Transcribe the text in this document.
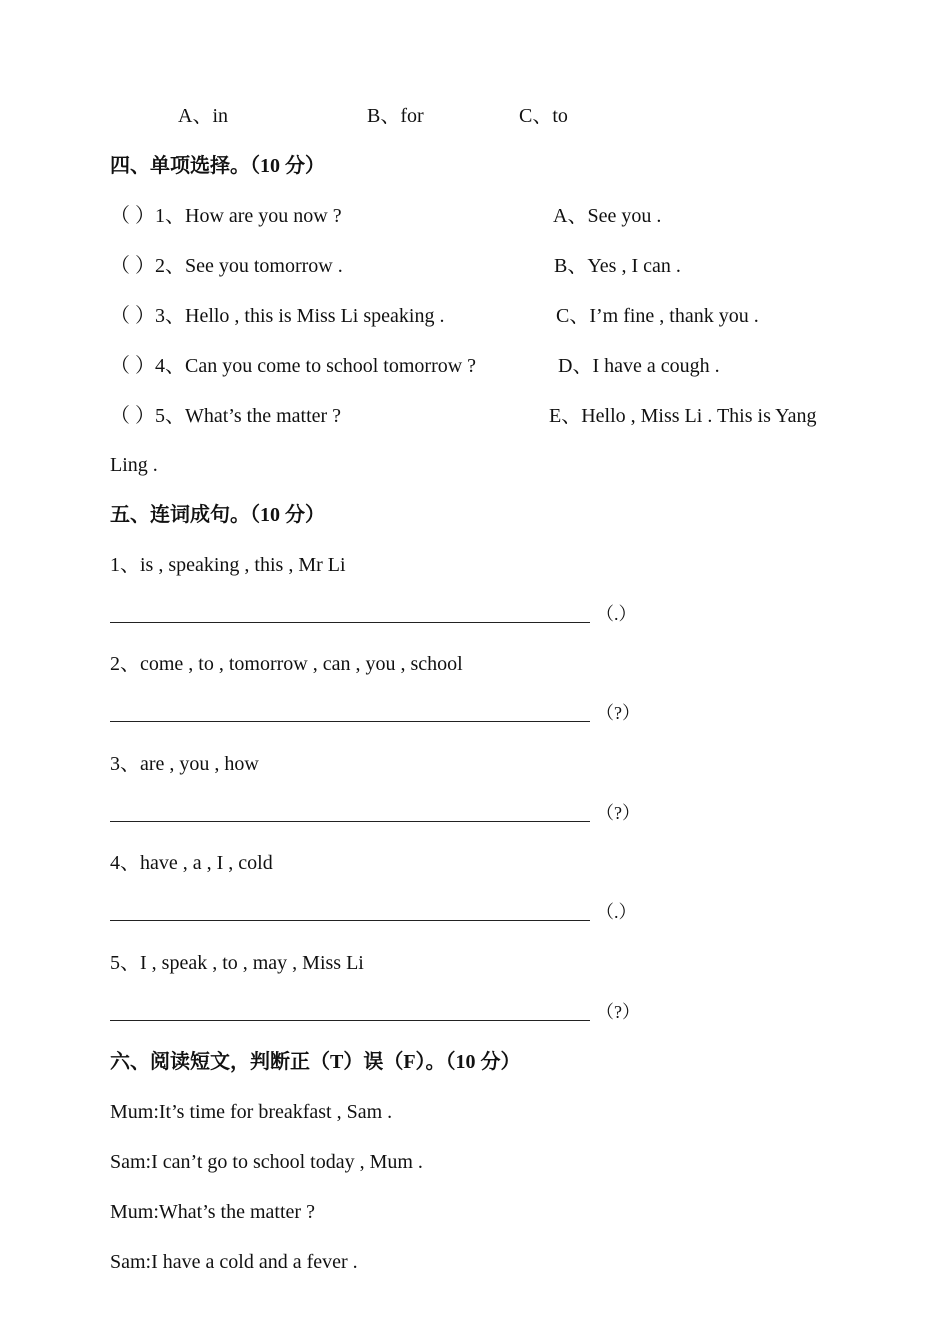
A、in	B、for	C、to
四、单项选择。（10 分）
（ ）1、How are you now ?
（ ）2、See you tomorrow .
（ ）3、Hello , this is Miss Li speaking .
（ ）4、Can you come to school tomorrow ?
（ ）5、What’s the matter ?
A、See you .
B、Yes , I can .
C、I’m fine , thank you .
D、I have a cough .
E、Hello , Miss Li . This is Yang
Ling .
五、连词成句。（10 分）
1、is , speaking , this , Mr Li
（.）
2、come , to , tomorrow , can , you , school
（?）
3、are , you , how
（?）
4、have , a , I , cold
（.）
5、I , speak , to , may , Miss Li
（?）
六、阅读短文，判断正（T）误（F）。（10 分）
Mum:It’s time for breakfast , Sam .
Sam:I can’t go to school today , Mum .
Mum:What’s the matter ?
Sam:I have a cold and a fever .
